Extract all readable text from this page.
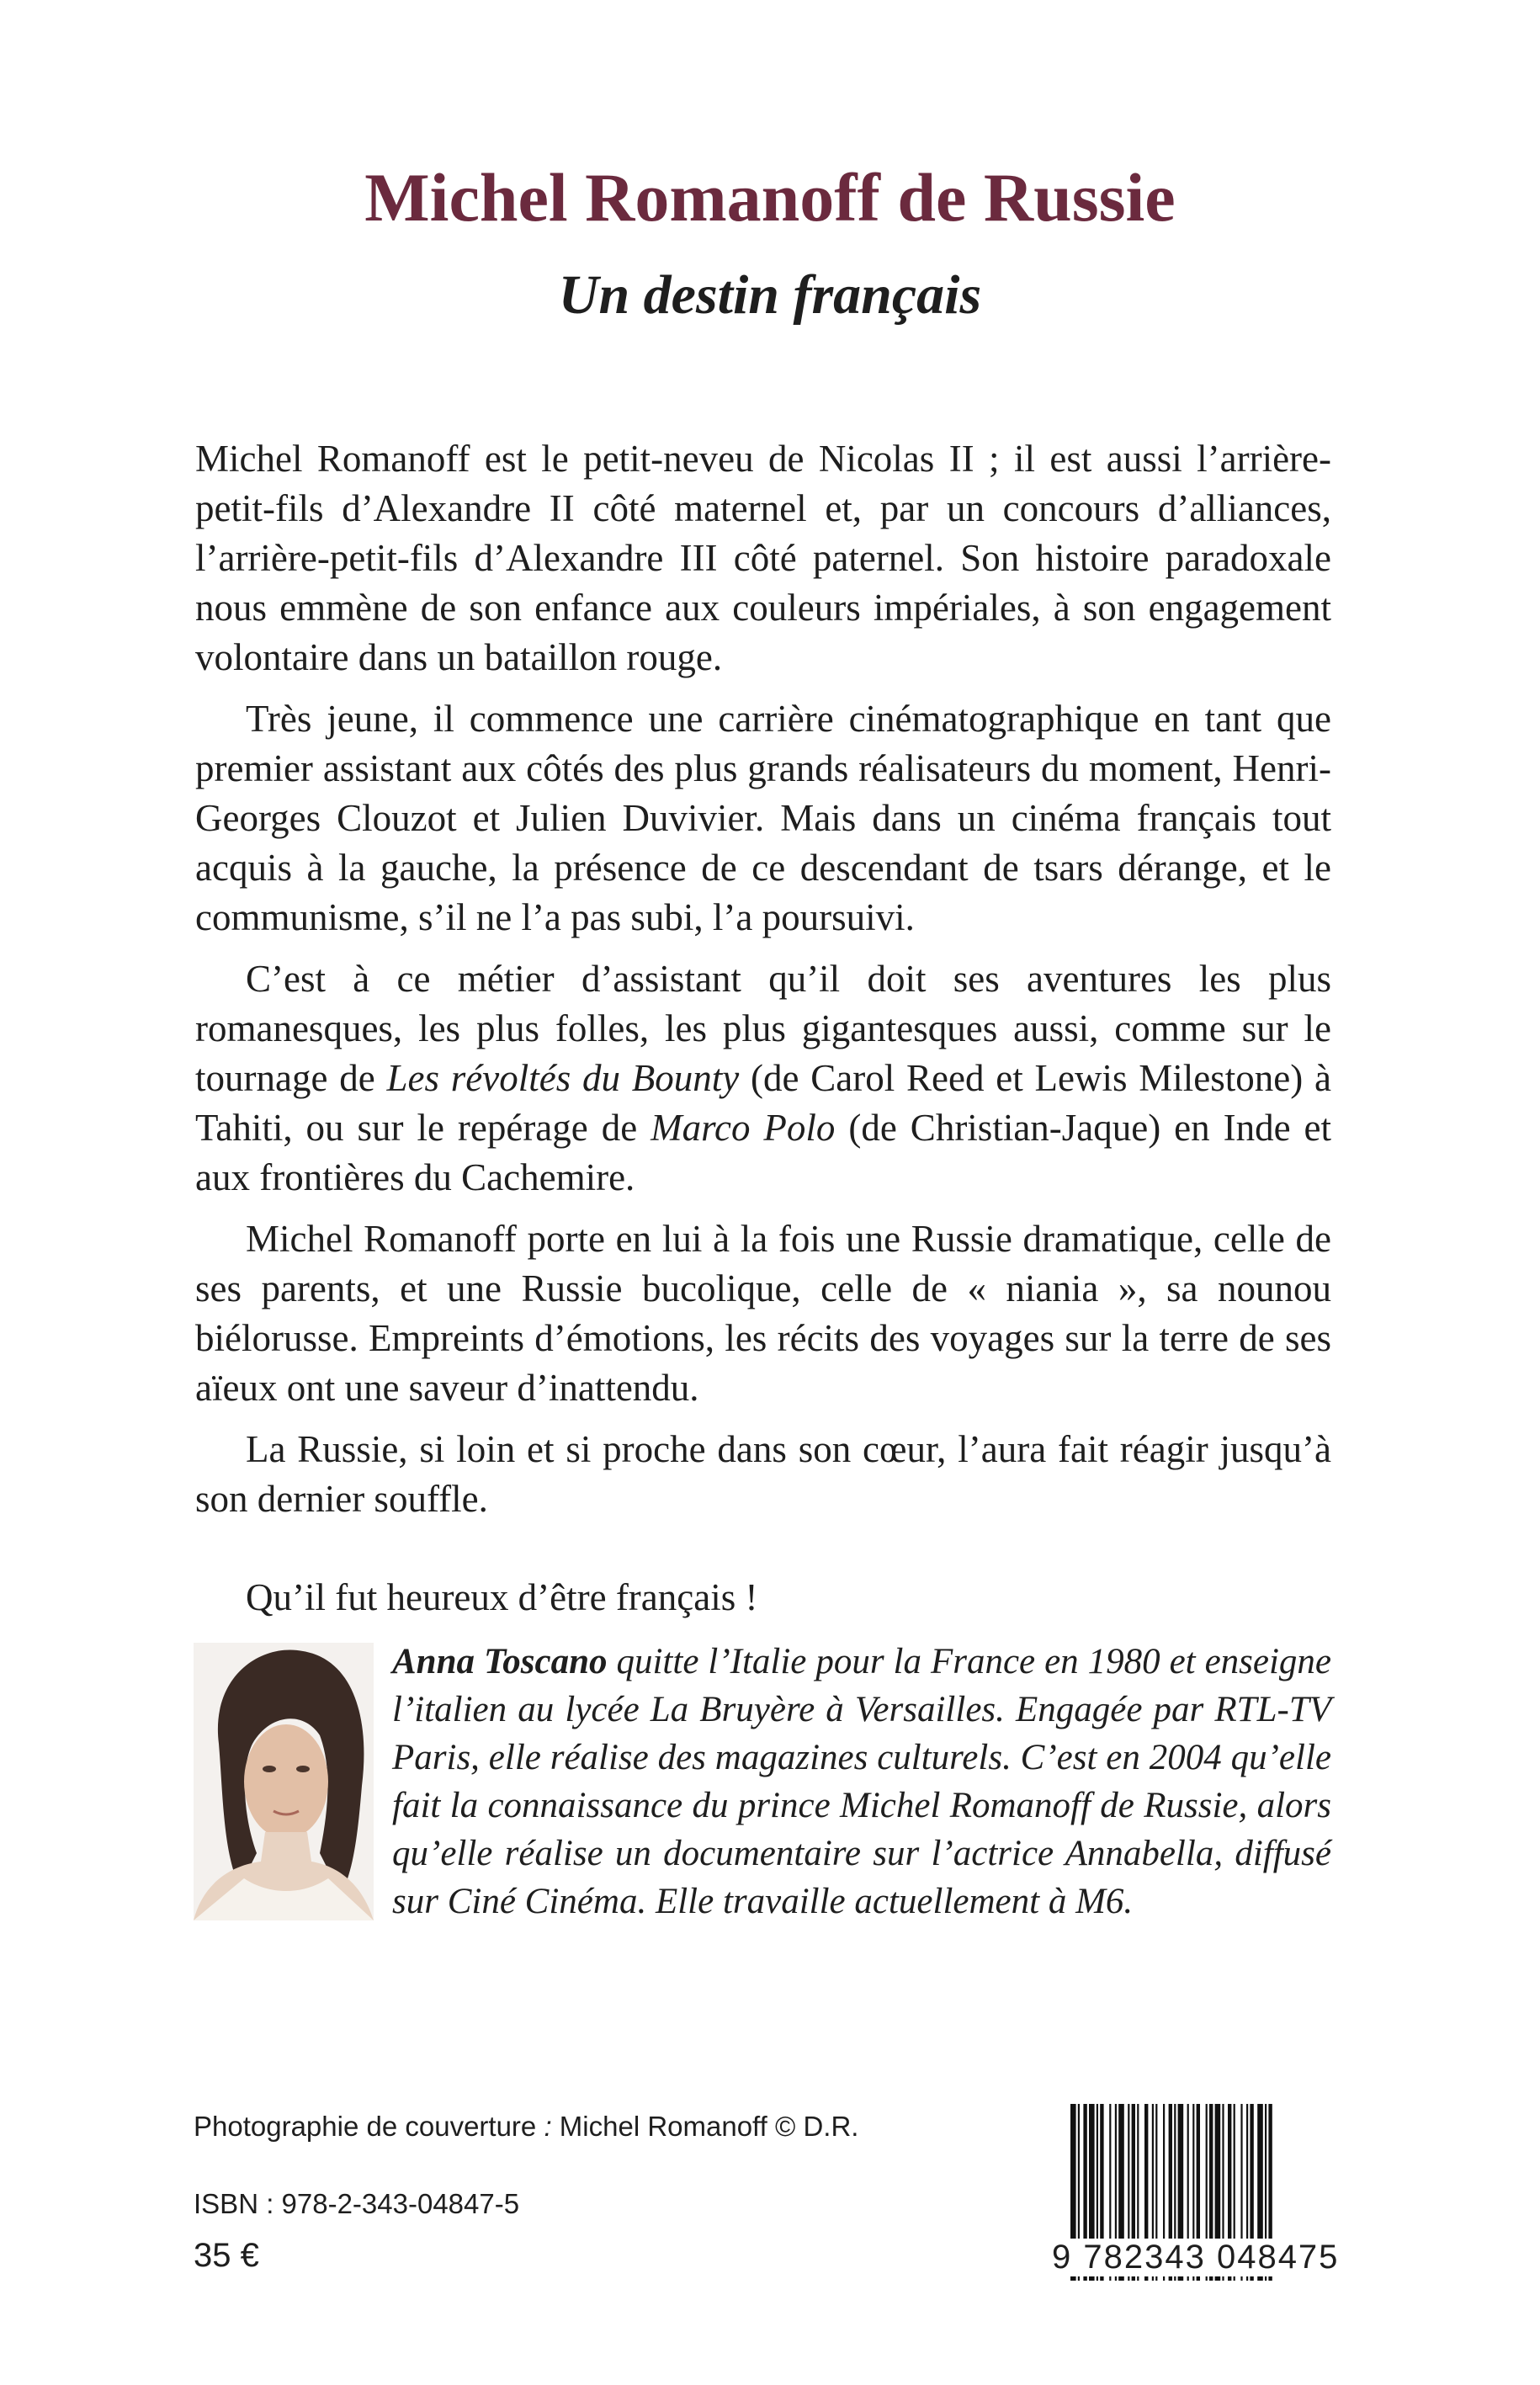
Michel Romanoff de Russie
Un destin français

Michel Romanoff est le petit-neveu de Nicolas II ; il est aussi l’arrière-petit-fils d’Alexandre II côté maternel et, par un concours d’alliances, l’arrière-petit-fils d’Alexandre III côté paternel. Son histoire paradoxale nous emmène de son enfance aux couleurs impériales, à son engagement volontaire dans un bataillon rouge.

Très jeune, il commence une carrière cinématographique en tant que premier assistant aux côtés des plus grands réalisateurs du moment, Henri-Georges Clouzot et Julien Duvivier. Mais dans un cinéma français tout acquis à la gauche, la présence de ce descendant de tsars dérange, et le communisme, s’il ne l’a pas subi, l’a poursuivi.

C’est à ce métier d’assistant qu’il doit ses aventures les plus romanesques, les plus folles, les plus gigantesques aussi, comme sur le tournage de Les révoltés du Bounty (de Carol Reed et Lewis Milestone) à Tahiti, ou sur le repérage de Marco Polo (de Christian-Jaque) en Inde et aux frontières du Cachemire.

Michel Romanoff porte en lui à la fois une Russie dramatique, celle de ses parents, et une Russie bucolique, celle de « niania », sa nounou biélorusse. Empreints d’émotions, les récits des voyages sur la terre de ses aïeux ont une saveur d’inattendu.

La Russie, si loin et si proche dans son cœur, l’aura fait réagir jusqu’à son dernier souffle.

Qu’il fut heureux d’être français !

Anna Toscano quitte l’Italie pour la France en 1980 et enseigne l’italien au lycée La Bruyère à Versailles. Engagée par RTL-TV Paris, elle réalise des magazines culturels. C’est en 2004 qu’elle fait la connaissance du prince Michel Romanoff de Russie, alors qu’elle réalise un documentaire sur l’actrice Annabella, diffusé sur Ciné Cinéma. Elle travaille actuellement à M6.
Photographie de couverture : Michel Romanoff © D.R.
ISBN : 978-2-343-04847-5
35 €	9 782343 048475
